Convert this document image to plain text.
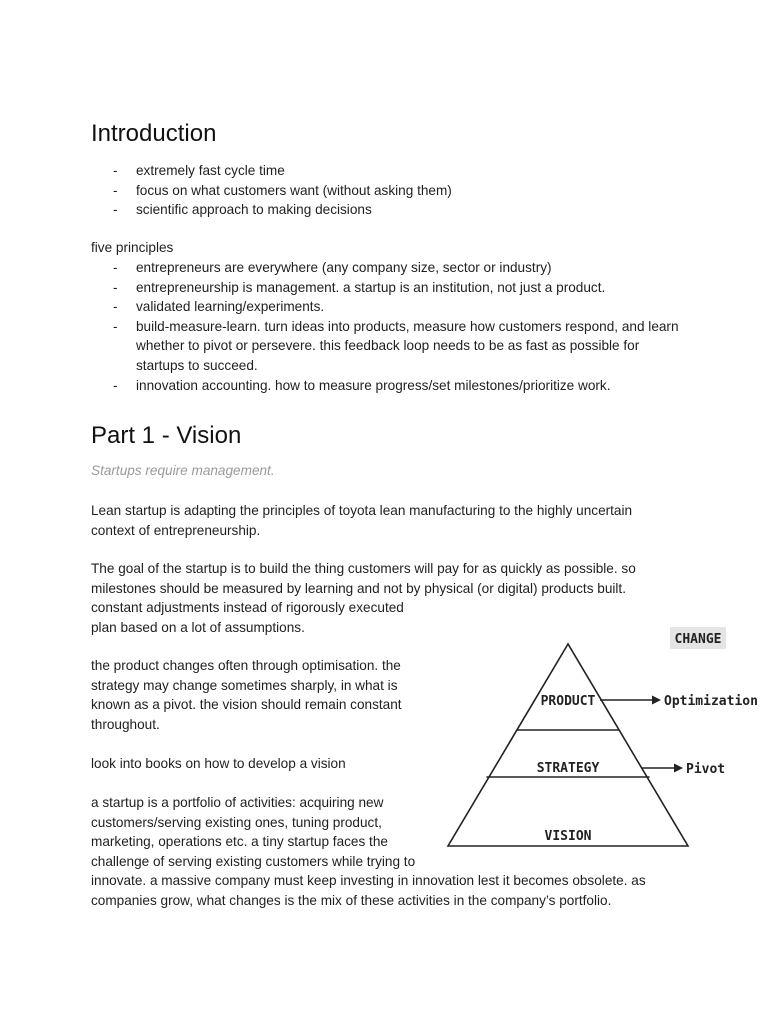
Introduction
- extremely fast cycle time
- focus on what customers want (without asking them)
- scientific approach to making decisions

five principles

- entrepreneurs are everywhere (any company size, sector or industry)
- entrepreneurship is management. a startup is an institution, not just a product.
- validated learning/experiments.
- build-measure-learn. turn ideas into products, measure how customers respond, and learn whether to pivot or persevere. this feedback loop needs to be as fast as possible for startups to succeed.
- innovation accounting. how to measure progress/set milestones/prioritize work.
Part 1 - Vision

Startups require management.

Lean startup is adapting the principles of toyota lean manufacturing to the highly uncertain context of entrepreneurship.

The goal of the startup is to build the thing customers will pay for as quickly as possible. so milestones should be measured by learning and not by physical (or digital) products built.

constant adjustments instead of rigorously executed plan based on a lot of assumptions.

the product changes often through optimisation. the strategy may change sometimes sharply, in what is known as a pivot. the vision should remain constant throughout.

look into books on how to develop a vision

a startup is a portfolio of activities: acquiring new customers/serving existing ones, tuning product, marketing, operations etc. a tiny startup faces the challenge of serving existing customers while trying to

innovate. a massive company must keep investing in innovation lest it becomes obsolete. as companies grow, what changes is the mix of these activities in the company’s portfolio.

CHANGE
PRODUCT
STRATEGY
VISION
Optimization
Pivot
